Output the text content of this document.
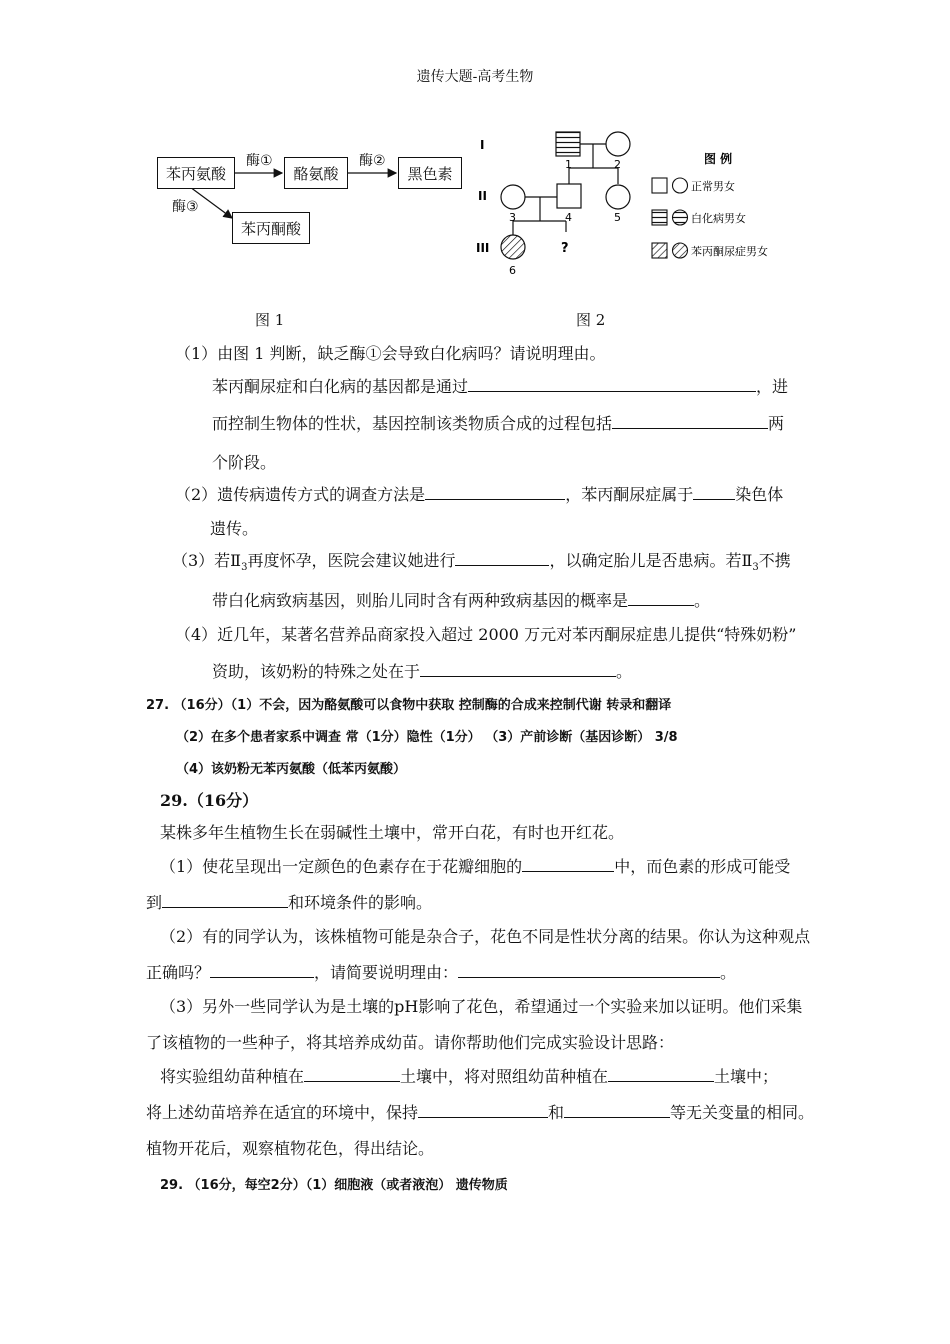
遗传大题-高考生物
苯丙氨酸	酪氨酸	黑色素
苯丙酮酸
酶①	酶②
酶③
I
II
III
1	2
3	4	5
6
?
图 例
正常男女
白化病男女
苯丙酮尿症男女
图 1	图 2
（1）由图 1 判断，缺乏酶①会导致白化病吗？请说明理由。
苯丙酮尿症和白化病的基因都是通过	，进
而控制生物体的性状，基因控制该类物质合成的过程包括	两
个阶段。
（2）遗传病遗传方式的调查方法是	，苯丙酮尿症属于	染色体
遗传。
（3）若$Ⅱ_3$再度怀孕，医院会建议她进行	，以确定胎儿是否患病。若$Ⅱ_3$不携
带白化病致病基因，则胎儿同时含有两种致病基因的概率是	。
（4）近几年，某著名营养品商家投入超过 2000 万元对苯丙酮尿症患儿提供“特殊奶粉”
资助，该奶粉的特殊之处在于	。
27. （16分）（1）不会，因为酪氨酸可以食物中获取 控制酶的合成来控制代谢 转录和翻译
（2）在多个患者家系中调查 常（1分）隐性（1分） （3）产前诊断（基因诊断） 3/8
（4）该奶粉无苯丙氨酸（低苯丙氨酸）
29.（16分）
某株多年生植物生长在弱碱性土壤中，常开白花，有时也开红花。
（1）使花呈现出一定颜色的色素存在于花瓣细胞的	中，而色素的形成可能受
到	和环境条件的影响。
（2）有的同学认为，该株植物可能是杂合子，花色不同是性状分离的结果。你认为这种观点
正确吗？	，请简要说明理由：	。
（3）另外一些同学认为是土壤的pH影响了花色，希望通过一个实验来加以证明。他们采集
了该植物的一些种子，将其培养成幼苗。请你帮助他们完成实验设计思路：
将实验组幼苗种植在	土壤中，将对照组幼苗种植在	土壤中；
将上述幼苗培养在适宜的环境中，保持	和	等无关变量的相同。
植物开花后，观察植物花色，得出结论。
29. （16分，每空2分）（1）细胞液（或者液泡） 遗传物质
